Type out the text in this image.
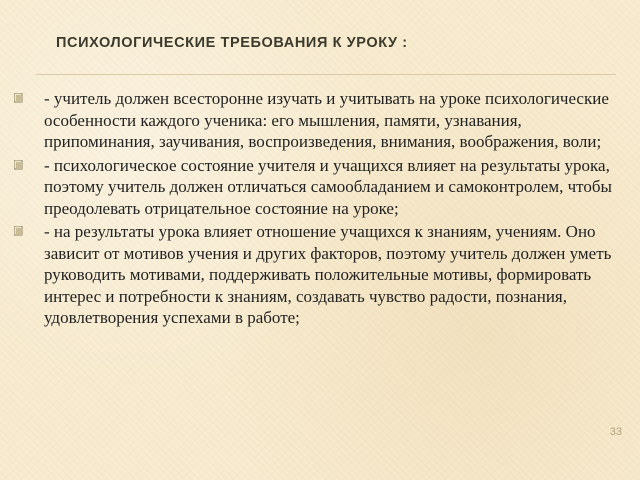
ПСИХОЛОГИЧЕСКИЕ ТРЕБОВАНИЯ К УРОКУ :
- учитель должен всесторонне изучать и учитывать на уроке психологические особенности каждого ученика: его мышления, памяти, узнавания, припоминания, заучивания, воспроизведения, внимания, воображения, воли;
- психологическое состояние учителя и учащихся влияет на результаты урока, поэтому учитель должен отличаться самообладанием и самоконтролем, чтобы преодолевать отрицательное состояние на уроке;
- на результаты урока влияет отношение учащихся к знаниям, учениям. Оно зависит от мотивов учения и других факторов, поэтому учитель должен уметь руководить мотивами, поддерживать положительные мотивы, формировать интерес и потребности к знаниям, создавать чувство радости, познания, удовлетворения успехами в работе;
33
